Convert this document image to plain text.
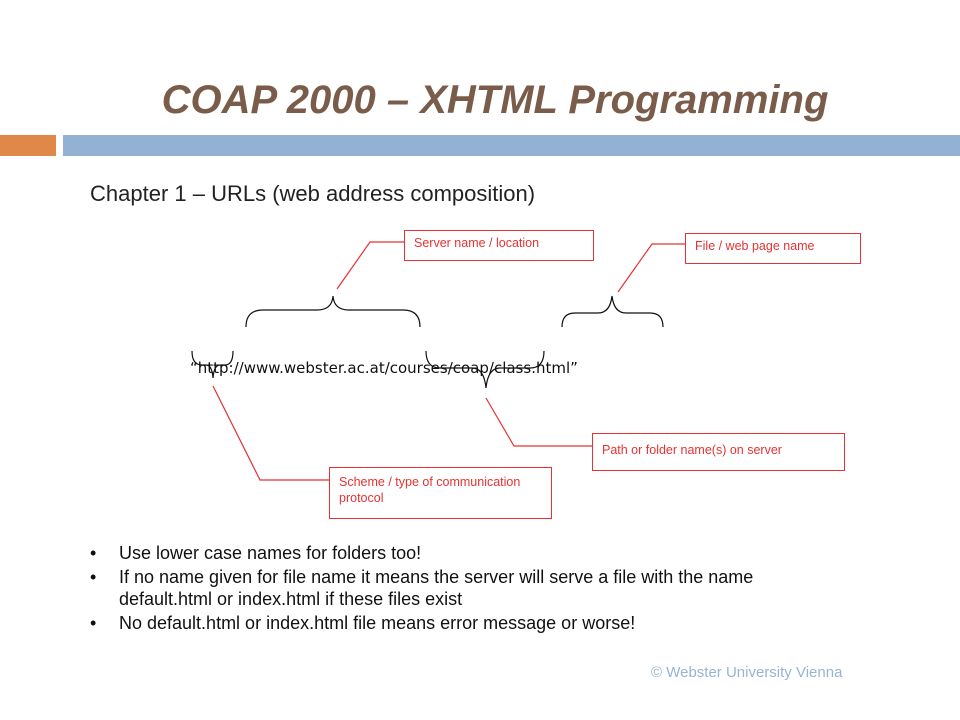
COAP 2000 – XHTML Programming
Chapter 1 – URLs (web address composition)
“http://www.webster.ac.at/courses/coap/class.html”
Server name / location	File / web page name
Path or folder name(s) on server
Scheme / type of communication protocol
• Use lower case names for folders too!
• If no name given for file name it means the server will serve a file with the name default.html or index.html if these files exist
• No default.html or index.html file means error message or worse!
© Webster University Vienna
